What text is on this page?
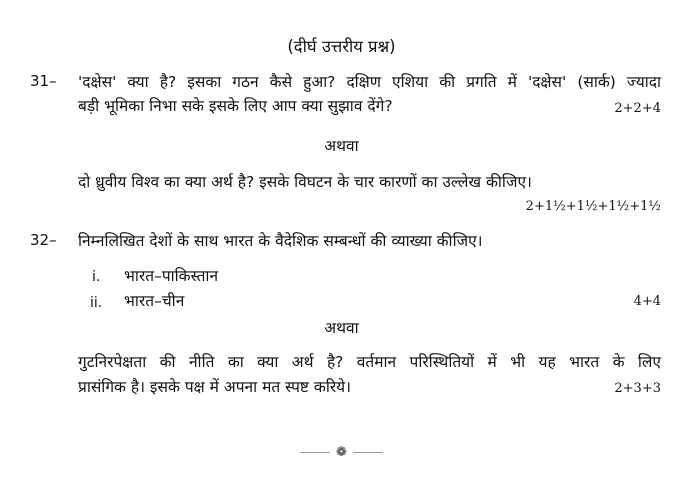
(दीर्घ उत्तरीय प्रश्न)
31– 'दक्षेस' क्या है? इसका गठन कैसे हुआ? दक्षिण एशिया की प्रगति में 'दक्षेस' (सार्क) ज्यादा
बड़ी भूमिका निभा सके इसके लिए आप क्या सुझाव देंगे?	2+2+4
अथवा
दो ध्रुवीय विश्व का क्या अर्थ है? इसके विघटन के चार कारणों का उल्लेख कीजिए।
2+1½+1½+1½+1½
32– निम्नलिखित देशों के साथ भारत के वैदेशिक सम्बन्धों की व्याख्या कीजिए।
i. भारत–पाकिस्तान
ii. भारत–चीन	4+4
अथवा
गुटनिरपेक्षता की नीति का क्या अर्थ है? वर्तमान परिस्थितियों में भी यह भारत के लिए
प्रासंगिक है। इसके पक्ष में अपना मत स्पष्ट करिये।	2+3+3
❁
